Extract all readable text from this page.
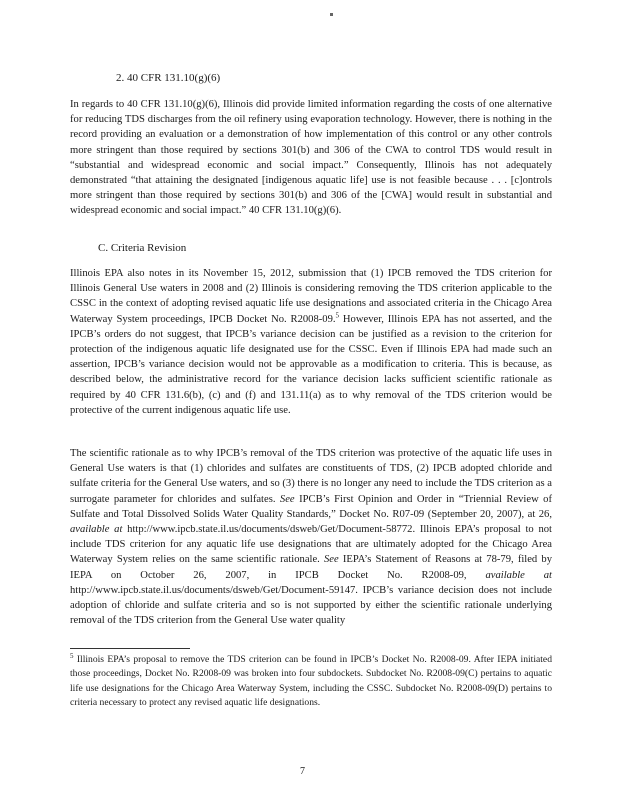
2. 40 CFR 131.10(g)(6)

In regards to 40 CFR 131.10(g)(6), Illinois did provide limited information regarding the costs of one alternative for reducing TDS discharges from the oil refinery using evaporation technology. However, there is nothing in the record providing an evaluation or a demonstration of how implementation of this control or any other controls more stringent than those required by sections 301(b) and 306 of the CWA to control TDS would result in “substantial and widespread economic and social impact.” Consequently, Illinois has not adequately demonstrated “that attaining the designated [indigenous aquatic life] use is not feasible because . . . [c]ontrols more stringent than those required by sections 301(b) and 306 of the [CWA] would result in substantial and widespread economic and social impact.” 40 CFR 131.10(g)(6).

C. Criteria Revision

Illinois EPA also notes in its November 15, 2012, submission that (1) IPCB removed the TDS criterion for Illinois General Use waters in 2008 and (2) Illinois is considering removing the TDS criterion applicable to the CSSC in the context of adopting revised aquatic life use designations and associated criteria in the Chicago Area Waterway System proceedings, IPCB Docket No. R2008-09.$^5$ However, Illinois EPA has not asserted, and the IPCB’s orders do not suggest, that IPCB’s variance decision can be justified as a revision to the criterion for protection of the indigenous aquatic life designated use for the CSSC. Even if Illinois EPA had made such an assertion, IPCB’s variance decision would not be approvable as a modification to criteria. This is because, as described below, the administrative record for the variance decision lacks sufficient scientific rationale as required by 40 CFR 131.6(b), (c) and (f) and 131.11(a) as to why removal of the TDS criterion would be protective of the current indigenous aquatic life use.

The scientific rationale as to why IPCB’s removal of the TDS criterion was protective of the aquatic life uses in General Use waters is that (1) chlorides and sulfates are constituents of TDS, (2) IPCB adopted chloride and sulfate criteria for the General Use waters, and so (3) there is no longer any need to include the TDS criterion as a surrogate parameter for chlorides and sulfates. See IPCB’s First Opinion and Order in “Triennial Review of Sulfate and Total Dissolved Solids Water Quality Standards,” Docket No. R07-09 (September 20, 2007), at 26, available at http://www.ipcb.state.il.us/documents/dsweb/Get/Document-58772. Illinois EPA’s proposal to not include TDS criterion for any aquatic life use designations that are ultimately adopted for the Chicago Area Waterway System relies on the same scientific rationale. See IEPA’s Statement of Reasons at 78-79, filed by IEPA on October 26, 2007, in IPCB Docket No. R2008-09, available at http://www.ipcb.state.il.us/documents/dsweb/Get/Document-59147. IPCB’s variance decision does not include adoption of chloride and sulfate criteria and so is not supported by either the scientific rationale underlying removal of the TDS criterion from the General Use water quality

$^5$ Illinois EPA’s proposal to remove the TDS criterion can be found in IPCB’s Docket No. R2008-09. After IEPA initiated those proceedings, Docket No. R2008-09 was broken into four subdockets. Subdocket No. R2008-09(C) pertains to aquatic life use designations for the Chicago Area Waterway System, including the CSSC. Subdocket No. R2008-09(D) pertains to criteria necessary to protect any revised aquatic life designations.

7
